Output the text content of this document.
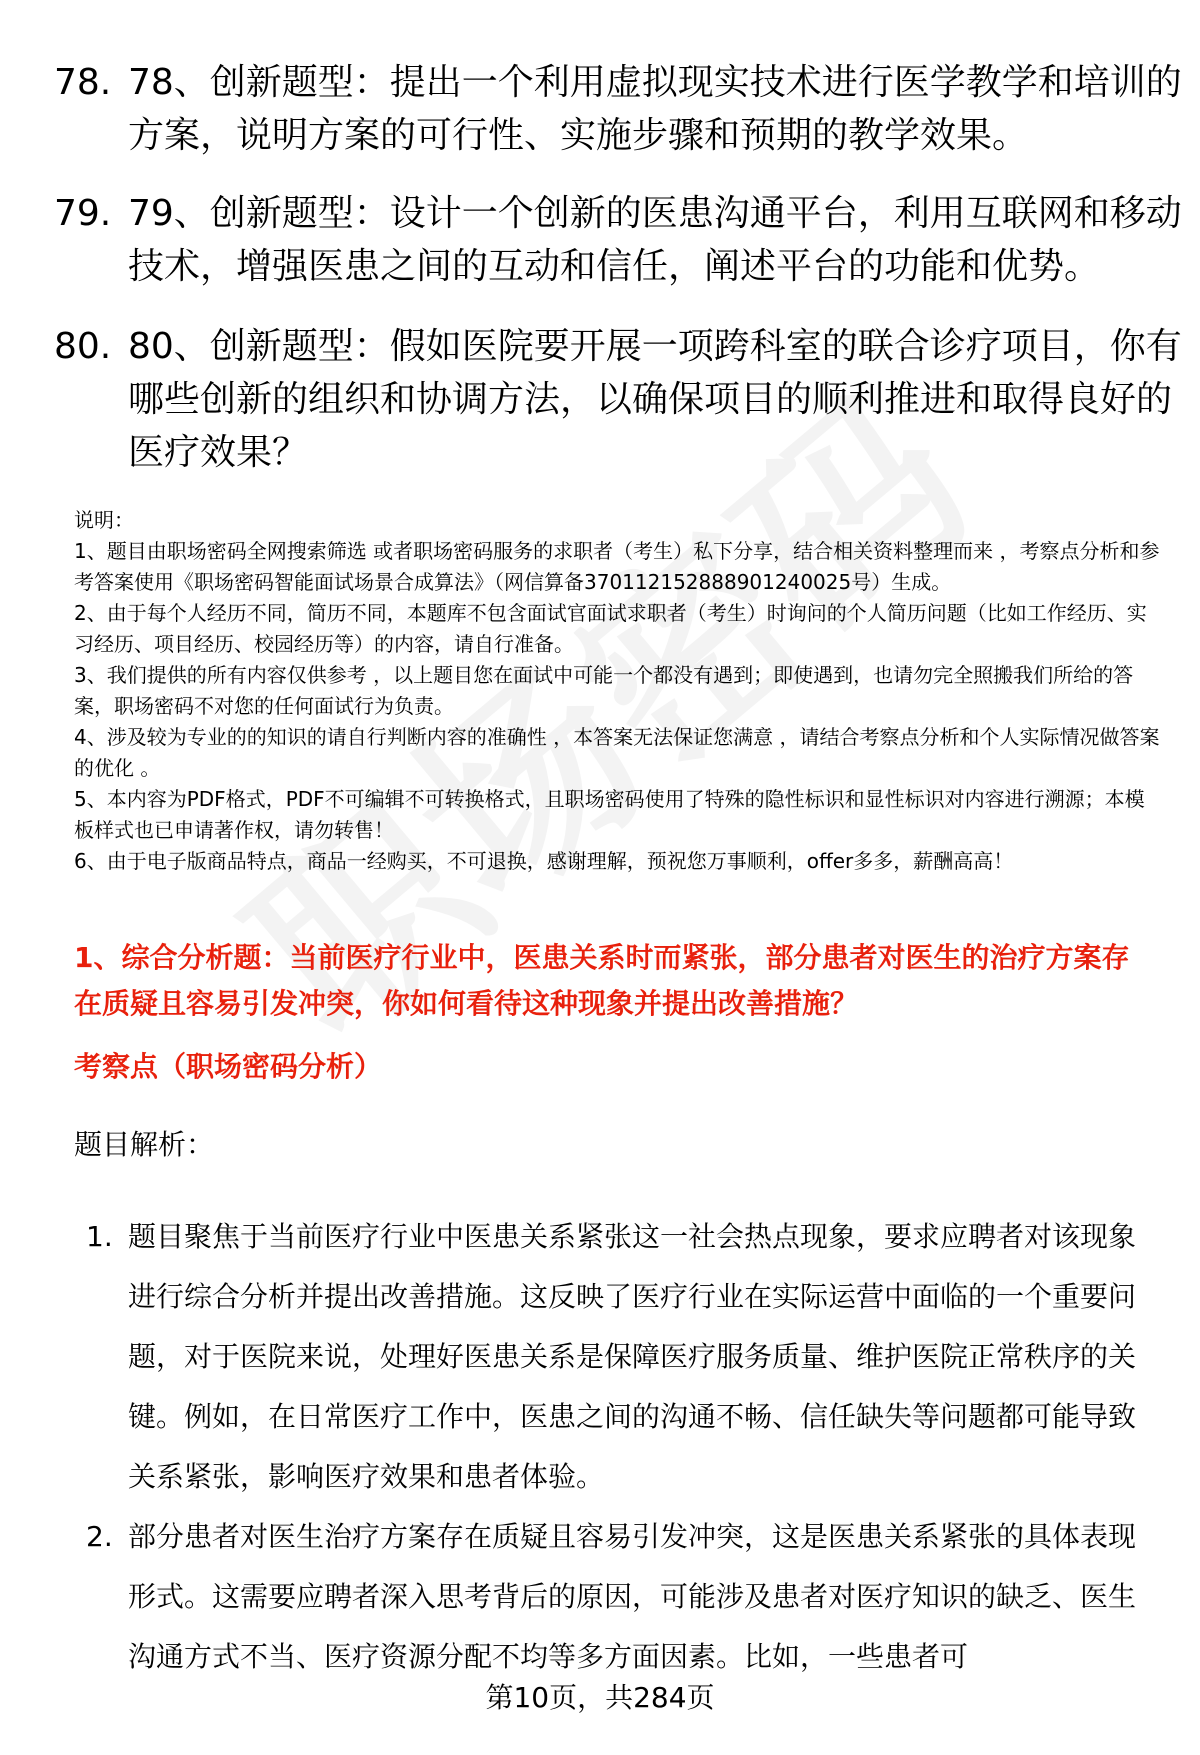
78. 78、创新题型：提出一个利用虚拟现实技术进行医学教学和培训的方案，说明方案的可行性、实施步骤和预期的教学效果。
79. 79、创新题型：设计一个创新的医患沟通平台，利用互联网和移动技术，增强医患之间的互动和信任，阐述平台的功能和优势。
80. 80、创新题型：假如医院要开展一项跨科室的联合诊疗项目，你有哪些创新的组织和协调方法，以确保项目的顺利推进和取得良好的医疗效果？

说明：

1、题目由职场密码全网搜索筛选 或者职场密码服务的求职者（考生）私下分享，结合相关资料整理而来 ，考察点分析和参考答案使用《职场密码智能面试场景合成算法》（网信算备370112152888901240025号）生成。

2、由于每个人经历不同，简历不同，本题库不包含面试官面试求职者（考生）时询问的个人简历问题（比如工作经历、实习经历、项目经历、校园经历等）的内容，请自行准备。

3、我们提供的所有内容仅供参考 ，以上题目您在面试中可能一个都没有遇到；即使遇到，也请勿完全照搬我们所给的答案，职场密码不对您的任何面试行为负责。

4、涉及较为专业的的知识的请自行判断内容的准确性 ，本答案无法保证您满意 ，请结合考察点分析和个人实际情况做答案的优化 。

5、本内容为PDF格式，PDF不可编辑不可转换格式，且职场密码使用了特殊的隐性标识和显性标识对内容进行溯源；本模板样式也已申请著作权，请勿转售！

6、由于电子版商品特点，商品一经购买，不可退换，感谢理解，预祝您万事顺利，offer多多，薪酬高高！

1、综合分析题：当前医疗行业中，医患关系时而紧张，部分患者对医生的治疗方案存在质疑且容易引发冲突，你如何看待这种现象并提出改善措施？
考察点（职场密码分析）
题目解析：
1. 题目聚焦于当前医疗行业中医患关系紧张这一社会热点现象，要求应聘者对该现象进行综合分析并提出改善措施。这反映了医疗行业在实际运营中面临的一个重要问题，对于医院来说，处理好医患关系是保障医疗服务质量、维护医院正常秩序的关键。例如，在日常医疗工作中，医患之间的沟通不畅、信任缺失等问题都可能导致关系紧张，影响医疗效果和患者体验。
2. 部分患者对医生治疗方案存在质疑且容易引发冲突，这是医患关系紧张的具体表现形式。这需要应聘者深入思考背后的原因，可能涉及患者对医疗知识的缺乏、医生沟通方式不当、医疗资源分配不均等多方面因素。比如，一些患者可
第10页，共284页
